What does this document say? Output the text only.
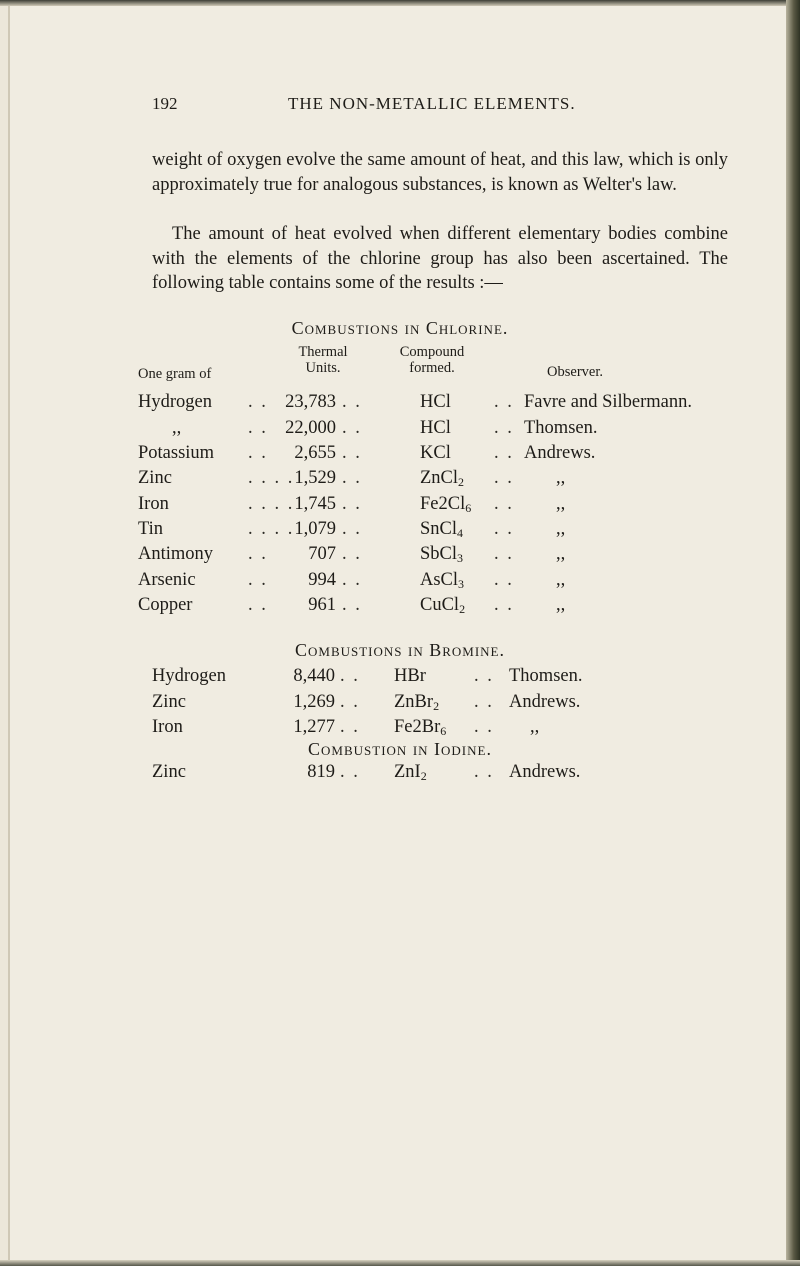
192	THE NON-METALLIC ELEMENTS.

weight of oxygen evolve the same amount of heat, and this law, which is only approximately true for analogous substances, is known as Welter's law.

The amount of heat evolved when different elementary bodies combine with the elements of the chlorine group has also been ascertained. The following table contains some of the results :—

Combustions in Chlorine.
One gram of
Thermal
Units.
Compound
formed.	Observer.
Hydrogen . . 23,783 . .	HCl . . Favre and Silbermann.
,,	. . 22,000 . .	HCl . . Thomsen.
Potassium . .	2,655 . .	KCl . . Andrews.
Zinc	. . . . 1,529 . .	ZnCl$_2$ . . ,,
Iron	. . . . 1,745 . .	$Fe2Cl_6$ . . ,,
Tin	. . . . 1,079 . .	SnCl$_4$ . . ,,
Antimony . .	707 . .	SbCl$_3$ . . ,,
Arsenic	. .	994 . .	AsCl$_3$ . . ,,
Copper	. .	961 . .	CuCl$_2$ . . ,,
Combustions in Bromine.
Hydrogen	8,440 . . HBr	. . Thomsen.
Zinc	1,269 . . ZnBr$_2$ . . Andrews.
Iron	1,277 . . $Fe2Br_6$ . . ,,
Combustion in Iodine.
Zinc	819 . . ZnI$_2$	. . Andrews.
